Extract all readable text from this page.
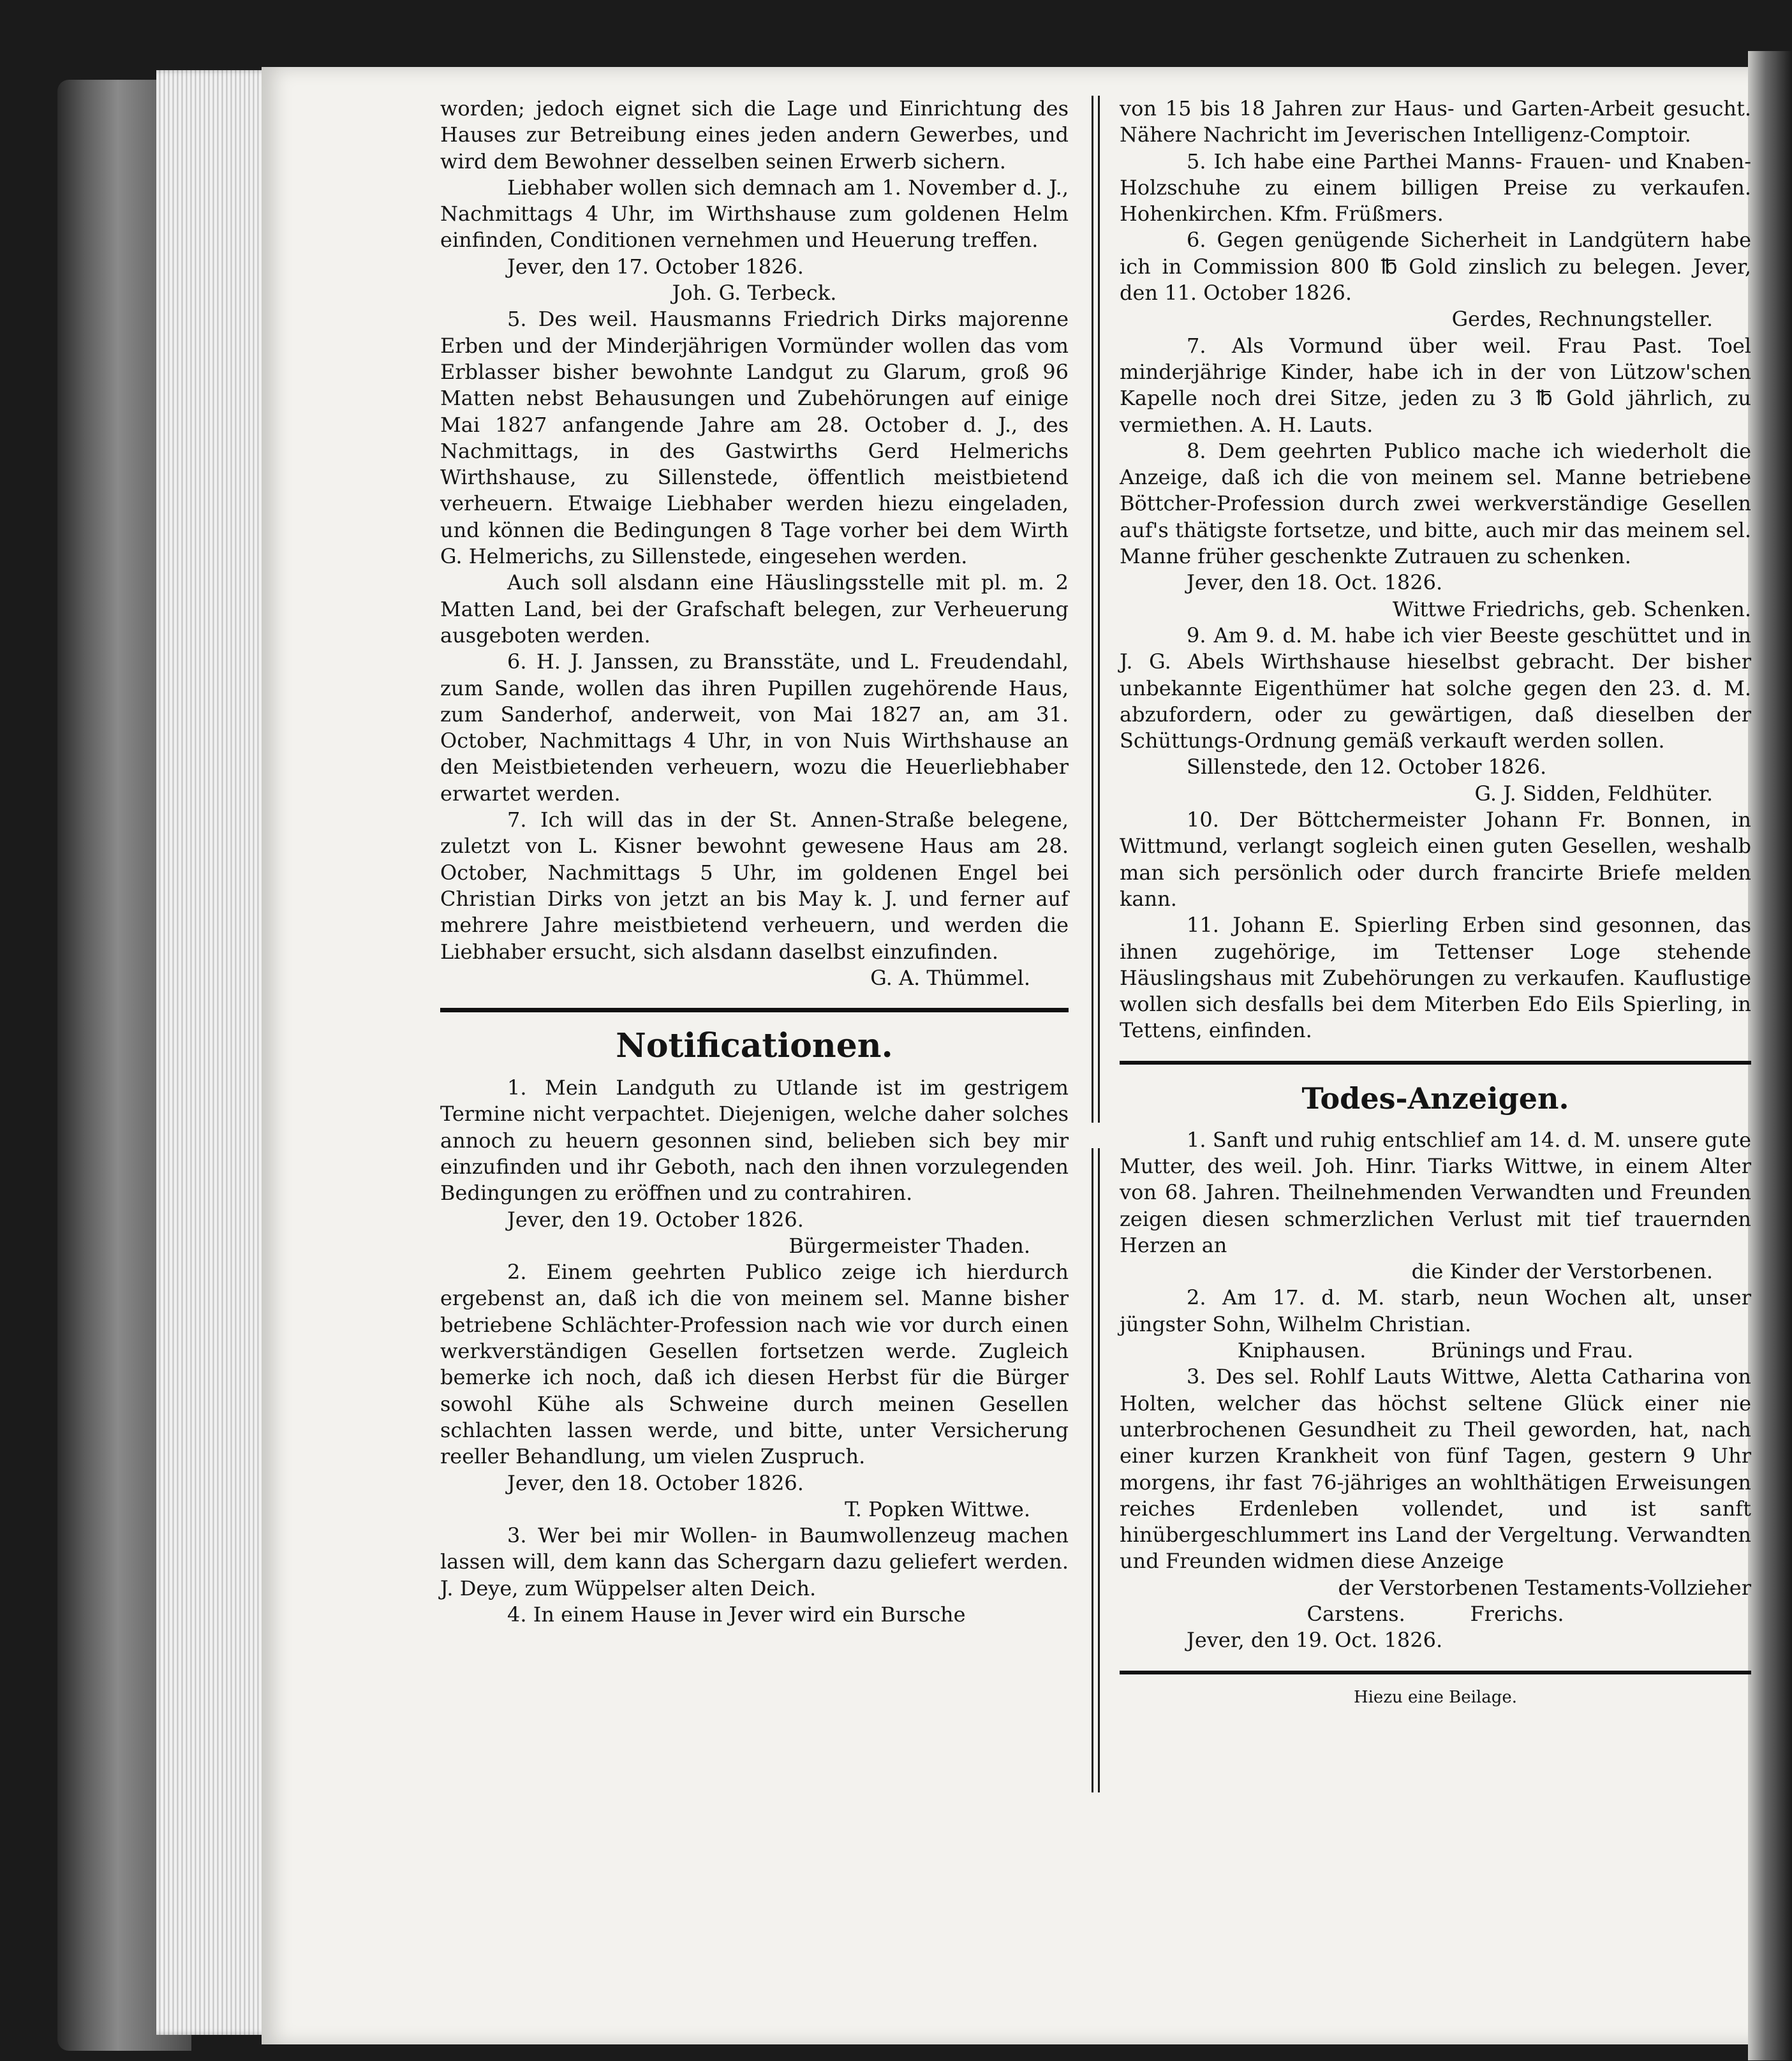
worden; jedoch eignet sich die Lage und Einrichtung des Hauses zur Betreibung eines jeden andern Gewerbes, und wird dem Bewohner desselben seinen Erwerb sichern.

Liebhaber wollen sich demnach am 1. November d. J., Nachmittags 4 Uhr, im Wirthshause zum goldenen Helm einfinden, Conditionen vernehmen und Heuerung treffen.

Jever, den 17. October 1826.

Joh. G. Terbeck.

5. Des weil. Hausmanns Friedrich Dirks majorenne Erben und der Minderjährigen Vormünder wollen das vom Erblasser bisher bewohnte Landgut zu Glarum, groß 96 Matten nebst Behausungen und Zubehörungen auf einige Mai 1827 anfangende Jahre am 28. October d. J., des Nachmittags, in des Gastwirths Gerd Helmerichs Wirthshause, zu Sillenstede, öffentlich meistbietend verheuern. Etwaige Liebhaber werden hiezu eingeladen, und können die Bedingungen 8 Tage vorher bei dem Wirth G. Helmerichs, zu Sillenstede, eingesehen werden.

Auch soll alsdann eine Häuslingsstelle mit pl. m. 2 Matten Land, bei der Grafschaft belegen, zur Verheuerung ausgeboten werden.

6. H. J. Janssen, zu Bransstäte, und L. Freudendahl, zum Sande, wollen das ihren Pupillen zugehörende Haus, zum Sanderhof, anderweit, von Mai 1827 an, am 31. October, Nachmittags 4 Uhr, in von Nuis Wirthshause an den Meistbietenden verheuern, wozu die Heuerliebhaber erwartet werden.

7. Ich will das in der St. Annen-Straße belegene, zuletzt von L. Kisner bewohnt gewesene Haus am 28. October, Nachmittags 5 Uhr, im goldenen Engel bei Christian Dirks von jetzt an bis May k. J. und ferner auf mehrere Jahre meistbietend verheuern, und werden die Liebhaber ersucht, sich alsdann daselbst einzufinden.

G. A. Thümmel.

Notificationen.

1. Mein Landguth zu Utlande ist im gestrigem Termine nicht verpachtet. Diejenigen, welche daher solches annoch zu heuern gesonnen sind, belieben sich bey mir einzufinden und ihr Geboth, nach den ihnen vorzulegenden Bedingungen zu eröffnen und zu contrahiren.

Jever, den 19. October 1826.

Bürgermeister Thaden.

2. Einem geehrten Publico zeige ich hierdurch ergebenst an, daß ich die von meinem sel. Manne bisher betriebene Schlächter-Profession nach wie vor durch einen werkverständigen Gesellen fortsetzen werde. Zugleich bemerke ich noch, daß ich diesen Herbst für die Bürger sowohl Kühe als Schweine durch meinen Gesellen schlachten lassen werde, und bitte, unter Versicherung reeller Behandlung, um vielen Zuspruch.

Jever, den 18. October 1826.

T. Popken Wittwe.

3. Wer bei mir Wollen- in Baumwollenzeug machen lassen will, dem kann das Schergarn dazu geliefert werden. J. Deye, zum Wüppelser alten Deich.

4. In einem Hause in Jever wird ein Bursche

von 15 bis 18 Jahren zur Haus- und Garten-Arbeit gesucht. Nähere Nachricht im Jeverischen Intelligenz-Comptoir.

5. Ich habe eine Parthei Manns- Frauen- und Knaben-Holzschuhe zu einem billigen Preise zu verkaufen. Hohenkirchen. Kfm. Früßmers.

6. Gegen genügende Sicherheit in Landgütern habe ich in Commission 800 ℔ Gold zinslich zu belegen. Jever, den 11. October 1826.

Gerdes, Rechnungsteller.

7. Als Vormund über weil. Frau Past. Toel minderjährige Kinder, habe ich in der von Lützow'schen Kapelle noch drei Sitze, jeden zu 3 ℔ Gold jährlich, zu vermiethen. A. H. Lauts.

8. Dem geehrten Publico mache ich wiederholt die Anzeige, daß ich die von meinem sel. Manne betriebene Böttcher-Profession durch zwei werkverständige Gesellen auf's thätigste fortsetze, und bitte, auch mir das meinem sel. Manne früher geschenkte Zutrauen zu schenken.

Jever, den 18. Oct. 1826.

Wittwe Friedrichs, geb. Schenken.

9. Am 9. d. M. habe ich vier Beeste geschüttet und in J. G. Abels Wirthshause hieselbst gebracht. Der bisher unbekannte Eigenthümer hat solche gegen den 23. d. M. abzufordern, oder zu gewärtigen, daß dieselben der Schüttungs-Ordnung gemäß verkauft werden sollen.

Sillenstede, den 12. October 1826.

G. J. Sidden, Feldhüter.

10. Der Böttchermeister Johann Fr. Bonnen, in Wittmund, verlangt sogleich einen guten Gesellen, weshalb man sich persönlich oder durch francirte Briefe melden kann.

11. Johann E. Spierling Erben sind gesonnen, das ihnen zugehörige, im Tettenser Loge stehende Häuslingshaus mit Zubehörungen zu verkaufen. Kauflustige wollen sich desfalls bei dem Miterben Edo Eils Spierling, in Tettens, einfinden.

Todes-Anzeigen.

1. Sanft und ruhig entschlief am 14. d. M. unsere gute Mutter, des weil. Joh. Hinr. Tiarks Wittwe, in einem Alter von 68. Jahren. Theilnehmenden Verwandten und Freunden zeigen diesen schmerzlichen Verlust mit tief trauernden Herzen an

die Kinder der Verstorbenen.

2. Am 17. d. M. starb, neun Wochen alt, unser jüngster Sohn, Wilhelm Christian.

Kniphausen.          Brünings und Frau.

3. Des sel. Rohlf Lauts Wittwe, Aletta Catharina von Holten, welcher das höchst seltene Glück einer nie unterbrochenen Gesundheit zu Theil geworden, hat, nach einer kurzen Krankheit von fünf Tagen, gestern 9 Uhr morgens, ihr fast 76-jähriges an wohlthätigen Erweisungen reiches Erdenleben vollendet, und ist sanft hinübergeschlummert ins Land der Vergeltung. Verwandten und Freunden widmen diese Anzeige

der Verstorbenen Testaments-Vollzieher

Carstens.          Frerichs.

Jever, den 19. Oct. 1826.

Hiezu eine Beilage.
